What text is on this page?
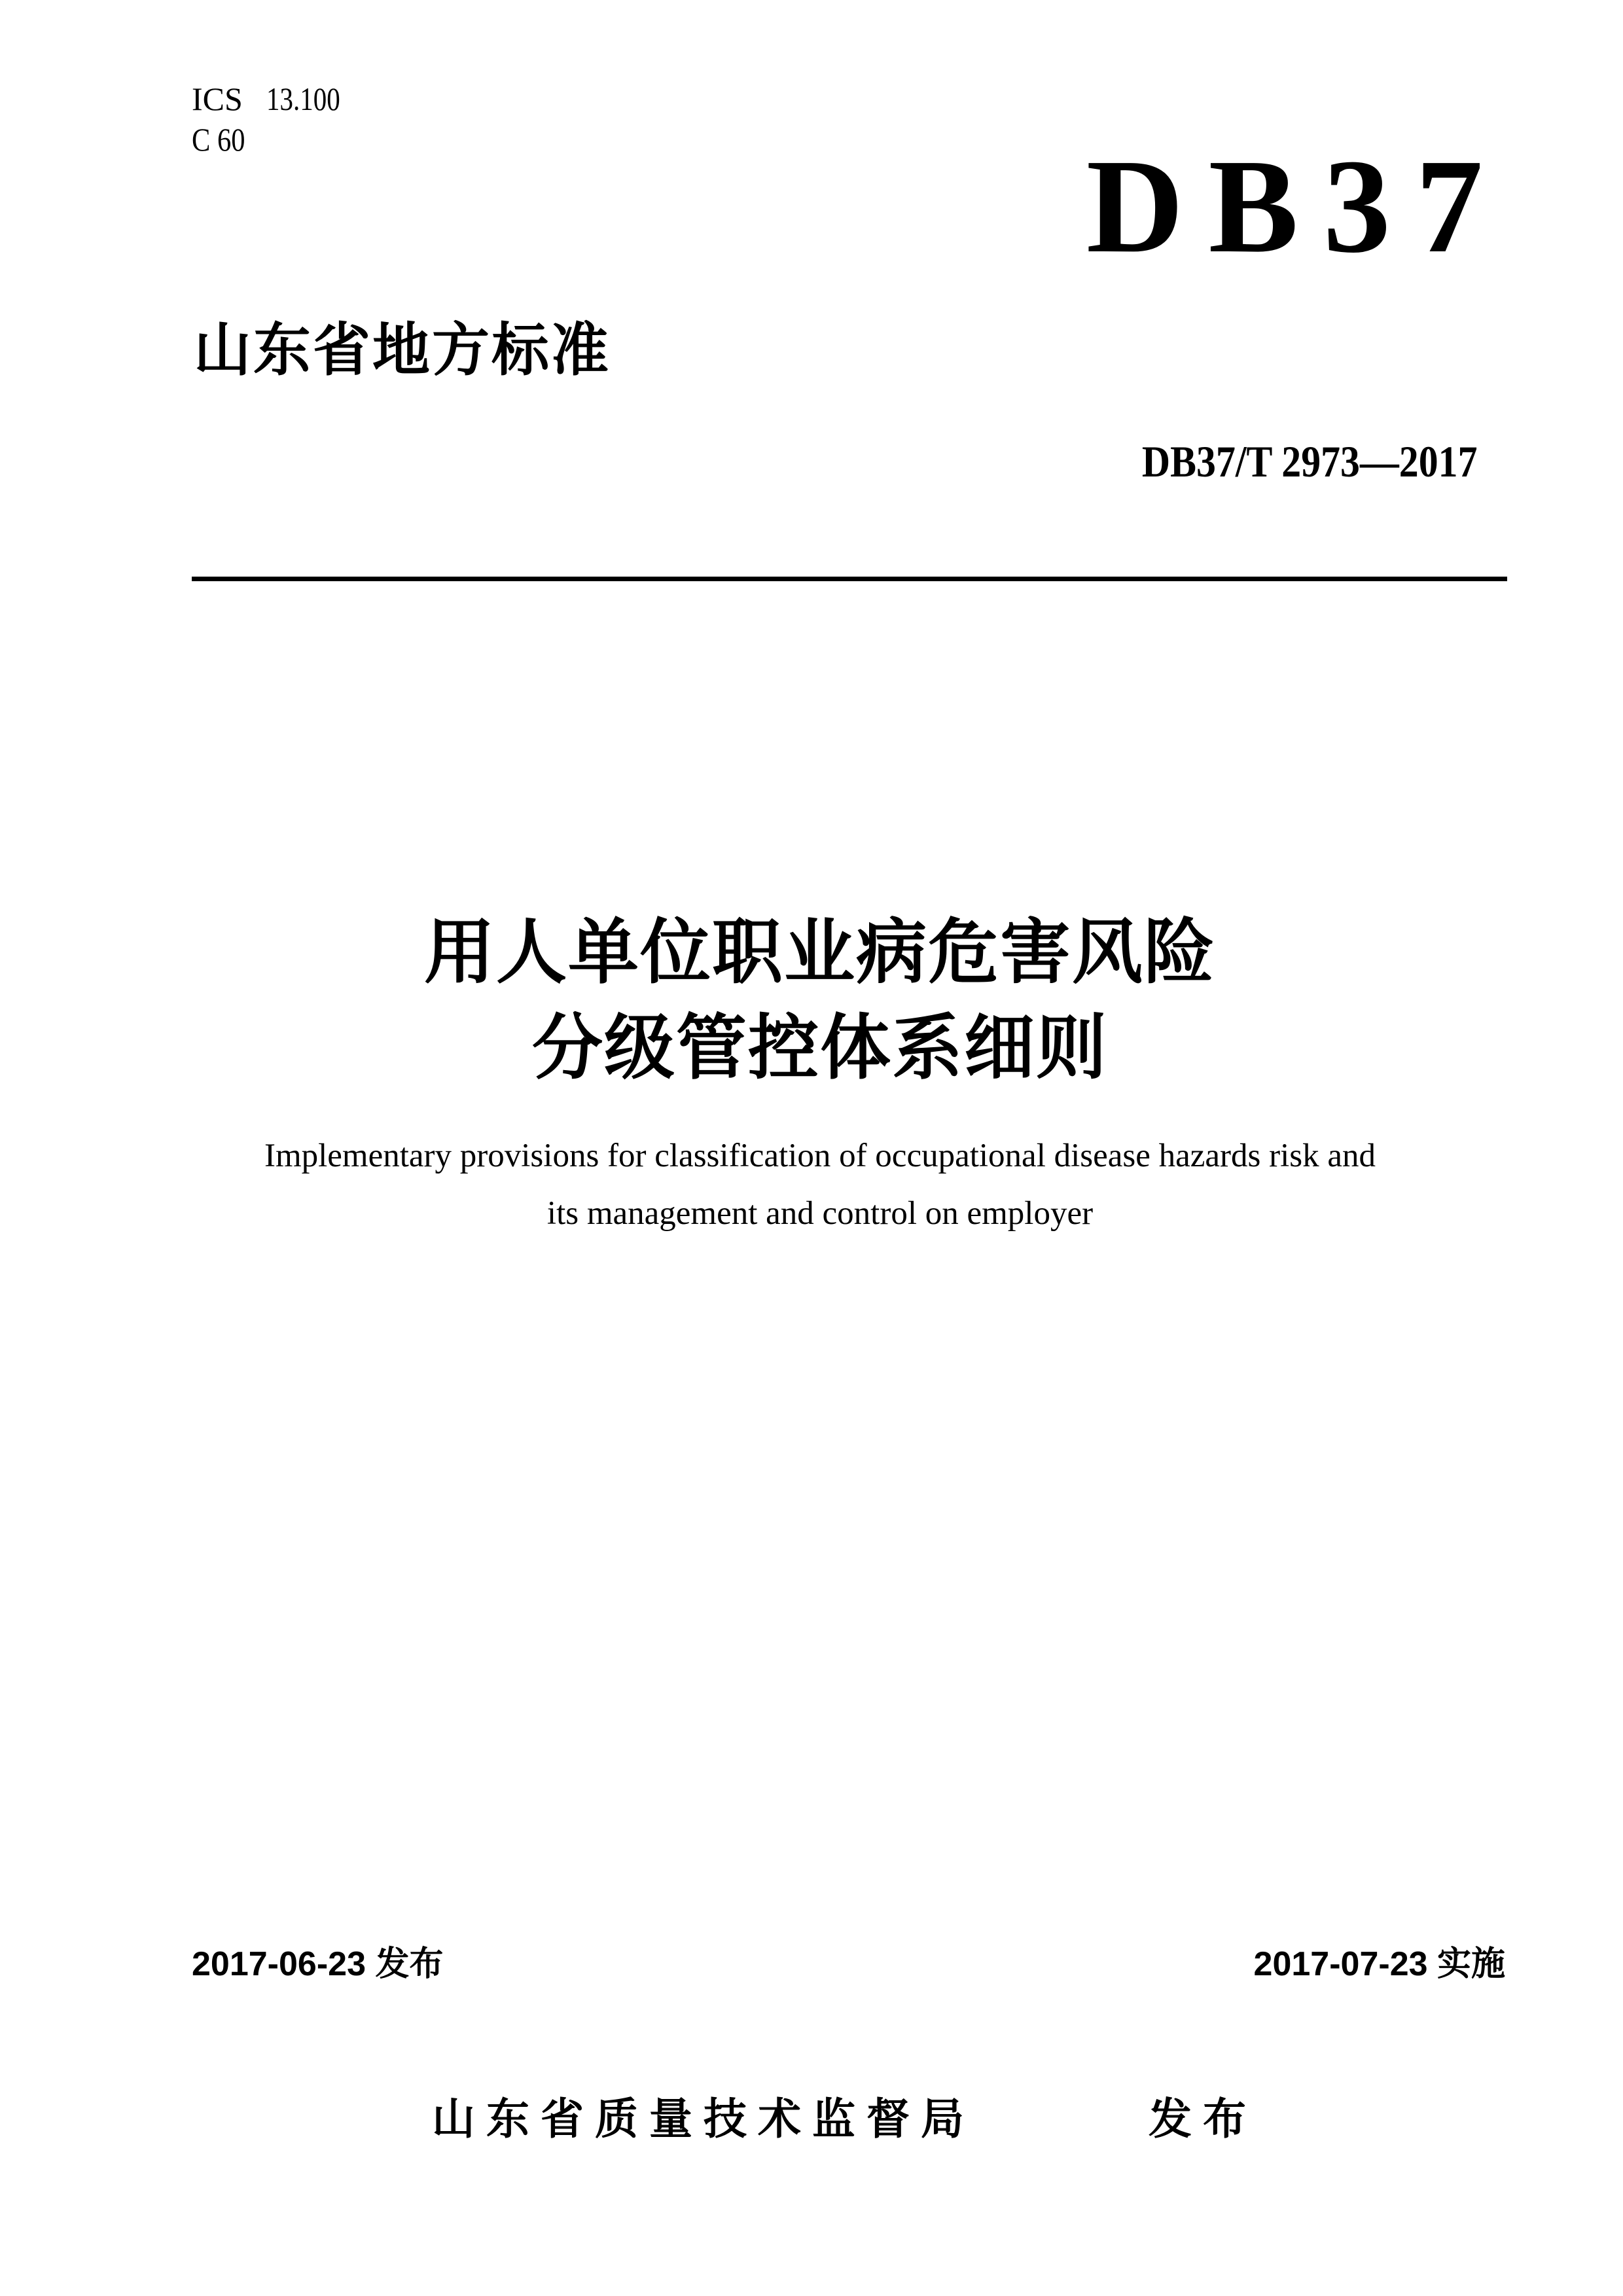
ICS 13.100
C 60	DB37
山东省地方标准
DB37/T 2973—2017
用人单位职业病危害风险
分级管控体系细则
Implementary provisions for classification of occupational disease hazards risk and
its management and control on employer
2017-06-23 发布	2017-07-23 实施
山东省质量技术监督局	发布
